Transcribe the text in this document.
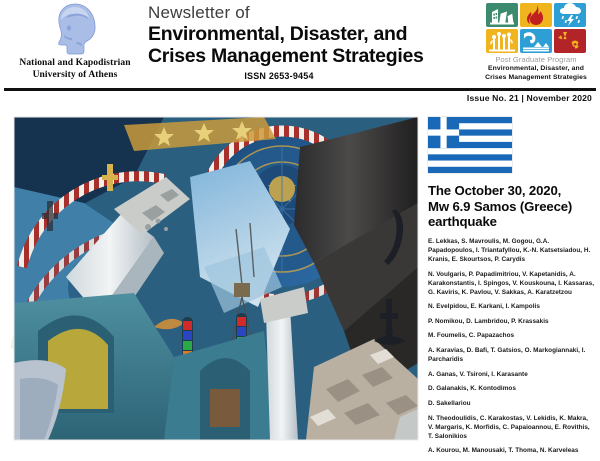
National and Kapodistrian
University of Athens
Newsletter of
Environmental, Disaster, and
Crises Management Strategies
ISSN 2653-9454
Post Graduate Program
Environmental, Disaster, and
Crises Management Strategies
Issue No. 21 | November 2020
The October 30, 2020,
Mw 6.9 Samos (Greece)
earthquake
E. Lekkas, S. Mavroulis, M. Gogou, G.A. Papadopoulos, I. Triantafyllou, K.-N. Katsetsiadou, H. Kranis, E. Skourtsos, P. Carydis
N. Voulgaris, P. Papadimitriou, V. Kapetanidis, A. Karakonstantis, I. Spingos, V. Kouskouna, I. Kassaras, G. Kaviris, K. Pavlou, V. Sakkas, A. Karatzetzou
N. Evelpidou, E. Karkani, I. Kampolis
P. Nomikou, D. Lambridou, P. Krassakis
M. Foumelis, C. Papazachos
A. Karavias, D. Bafi, T. Gatsios, O. Markogiannaki, I. Parcharidis
A. Ganas, V. Tsironi, I. Karasante
D. Galanakis, K. Kontodimos
D. Sakellariou
N. Theodoulidis, C. Karakostas, V. Lekidis, K. Makra, V. Margaris, K. Morfidis, C. Papaioannou, E. Rovithis, T. Salonikios
A. Kourou, M. Manousaki, T. Thoma, N. Karveleas
